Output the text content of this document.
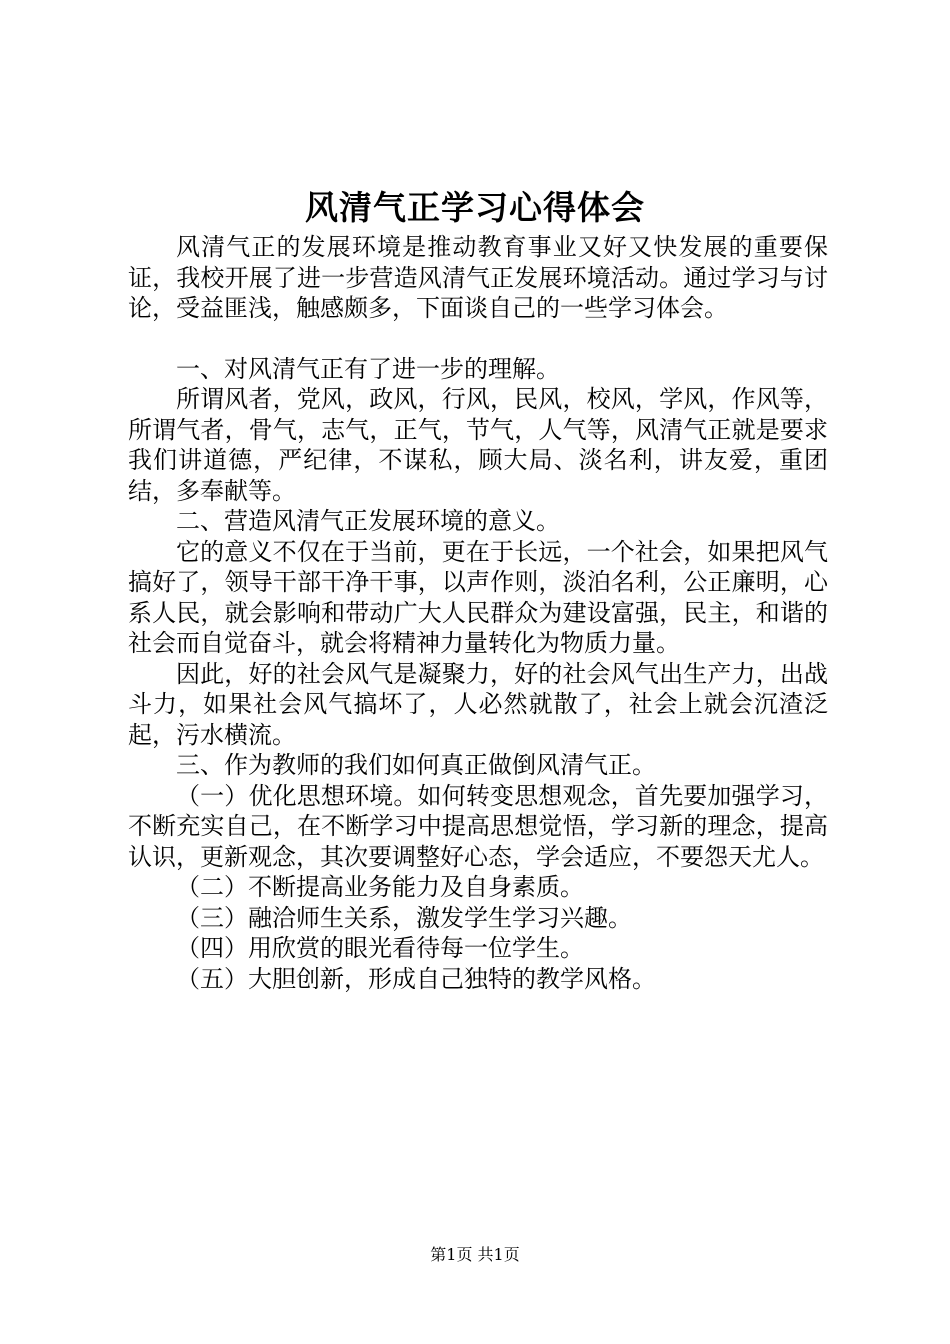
风清气正学习心得体会

风清气正的发展环境是推动教育事业又好又快发展的重要保证，我校开展了进一步营造风清气正发展环境活动。通过学习与讨论，受益匪浅，触感颇多，下面谈自己的一些学习体会。

一、对风清气正有了进一步的理解。

所谓风者，党风，政风，行风，民风，校风，学风，作风等，所谓气者，骨气，志气，正气，节气，人气等，风清气正就是要求我们讲道德，严纪律，不谋私，顾大局、淡名利，讲友爱，重团结，多奉献等。

二、营造风清气正发展环境的意义。

它的意义不仅在于当前，更在于长远，一个社会，如果把风气搞好了，领导干部干净干事，以声作则，淡泊名利，公正廉明，心系人民，就会影响和带动广大人民群众为建设富强，民主，和谐的社会而自觉奋斗，就会将精神力量转化为物质力量。

因此，好的社会风气是凝聚力，好的社会风气出生产力，出战斗力，如果社会风气搞坏了，人必然就散了，社会上就会沉渣泛起，污水横流。

三、作为教师的我们如何真正做倒风清气正。

（一）优化思想环境。如何转变思想观念，首先要加强学习，不断充实自己，在不断学习中提高思想觉悟，学习新的理念，提高认识，更新观念，其次要调整好心态，学会适应，不要怨天尤人。

（二）不断提高业务能力及自身素质。

（三）融洽师生关系，激发学生学习兴趣。

（四）用欣赏的眼光看待每一位学生。

（五）大胆创新，形成自己独特的教学风格。

第1页 共1页
